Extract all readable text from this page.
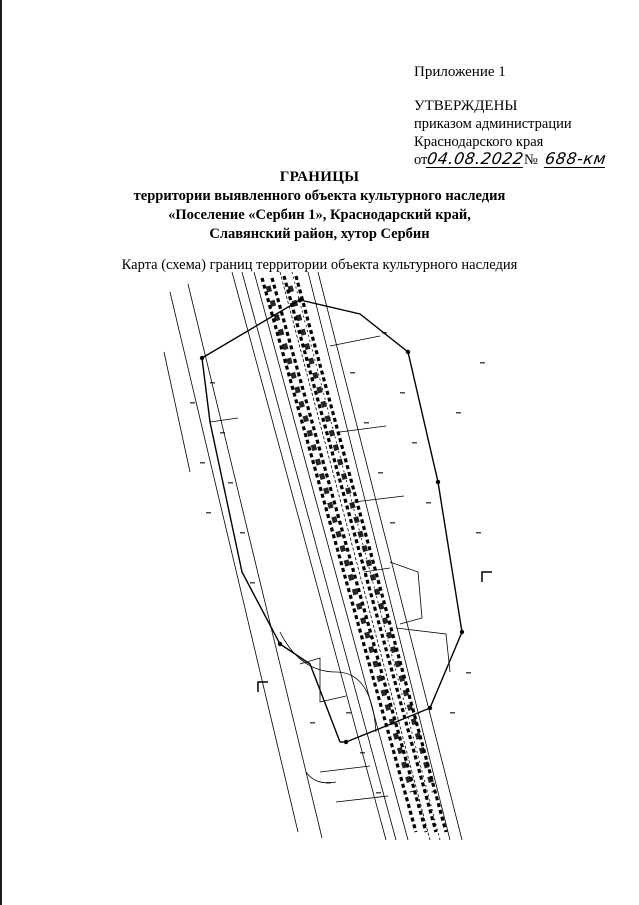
Приложение 1
УТВЕРЖДЕНЫ
приказом администрации
Краснодарского края
от04.08.2022№ 688-км
ГРАНИЦЫ
территории выявленного объекта культурного наследия
«Поселение «Сербин 1», Краснодарский край,
Славянский район, хутор Сербин
Карта (схема) границ территории объекта культурного наследия
